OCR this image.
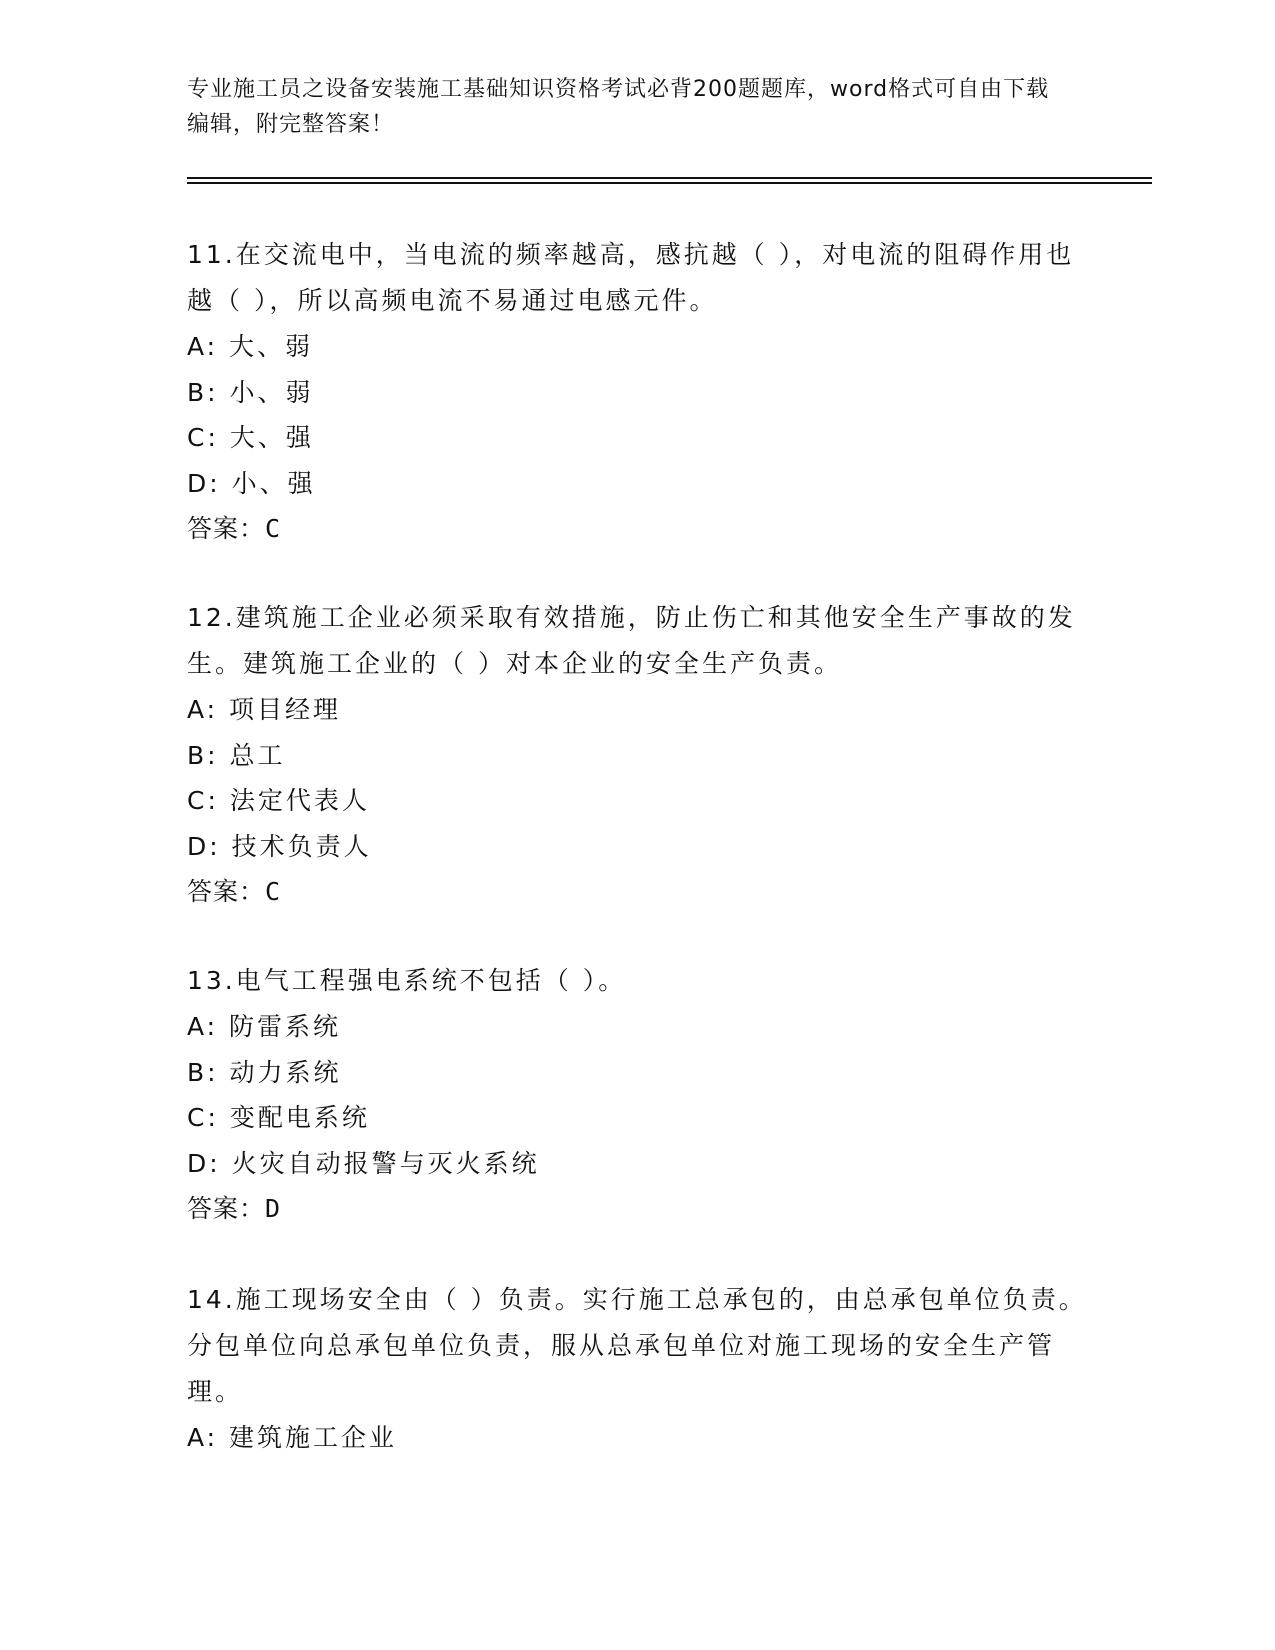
专业施工员之设备安装施工基础知识资格考试必背200题题库，word格式可自由下载编辑，附完整答案！

11.在交流电中，当电流的频率越高，感抗越（ ），对电流的阻碍作用也越（ ），所以高频电流不易通过电感元件。

A: 大、弱

B: 小、弱

C: 大、强

D: 小、强

答案：C

12.建筑施工企业必须采取有效措施，防止伤亡和其他安全生产事故的发生。建筑施工企业的（ ）对本企业的安全生产负责。

A: 项目经理

B: 总工

C: 法定代表人

D: 技术负责人

答案：C

13.电气工程强电系统不包括（ ）。

A: 防雷系统

B: 动力系统

C: 变配电系统

D: 火灾自动报警与灭火系统

答案：D

14.施工现场安全由（ ）负责。实行施工总承包的，由总承包单位负责。分包单位向总承包单位负责，服从总承包单位对施工现场的安全生产管理。

A: 建筑施工企业
